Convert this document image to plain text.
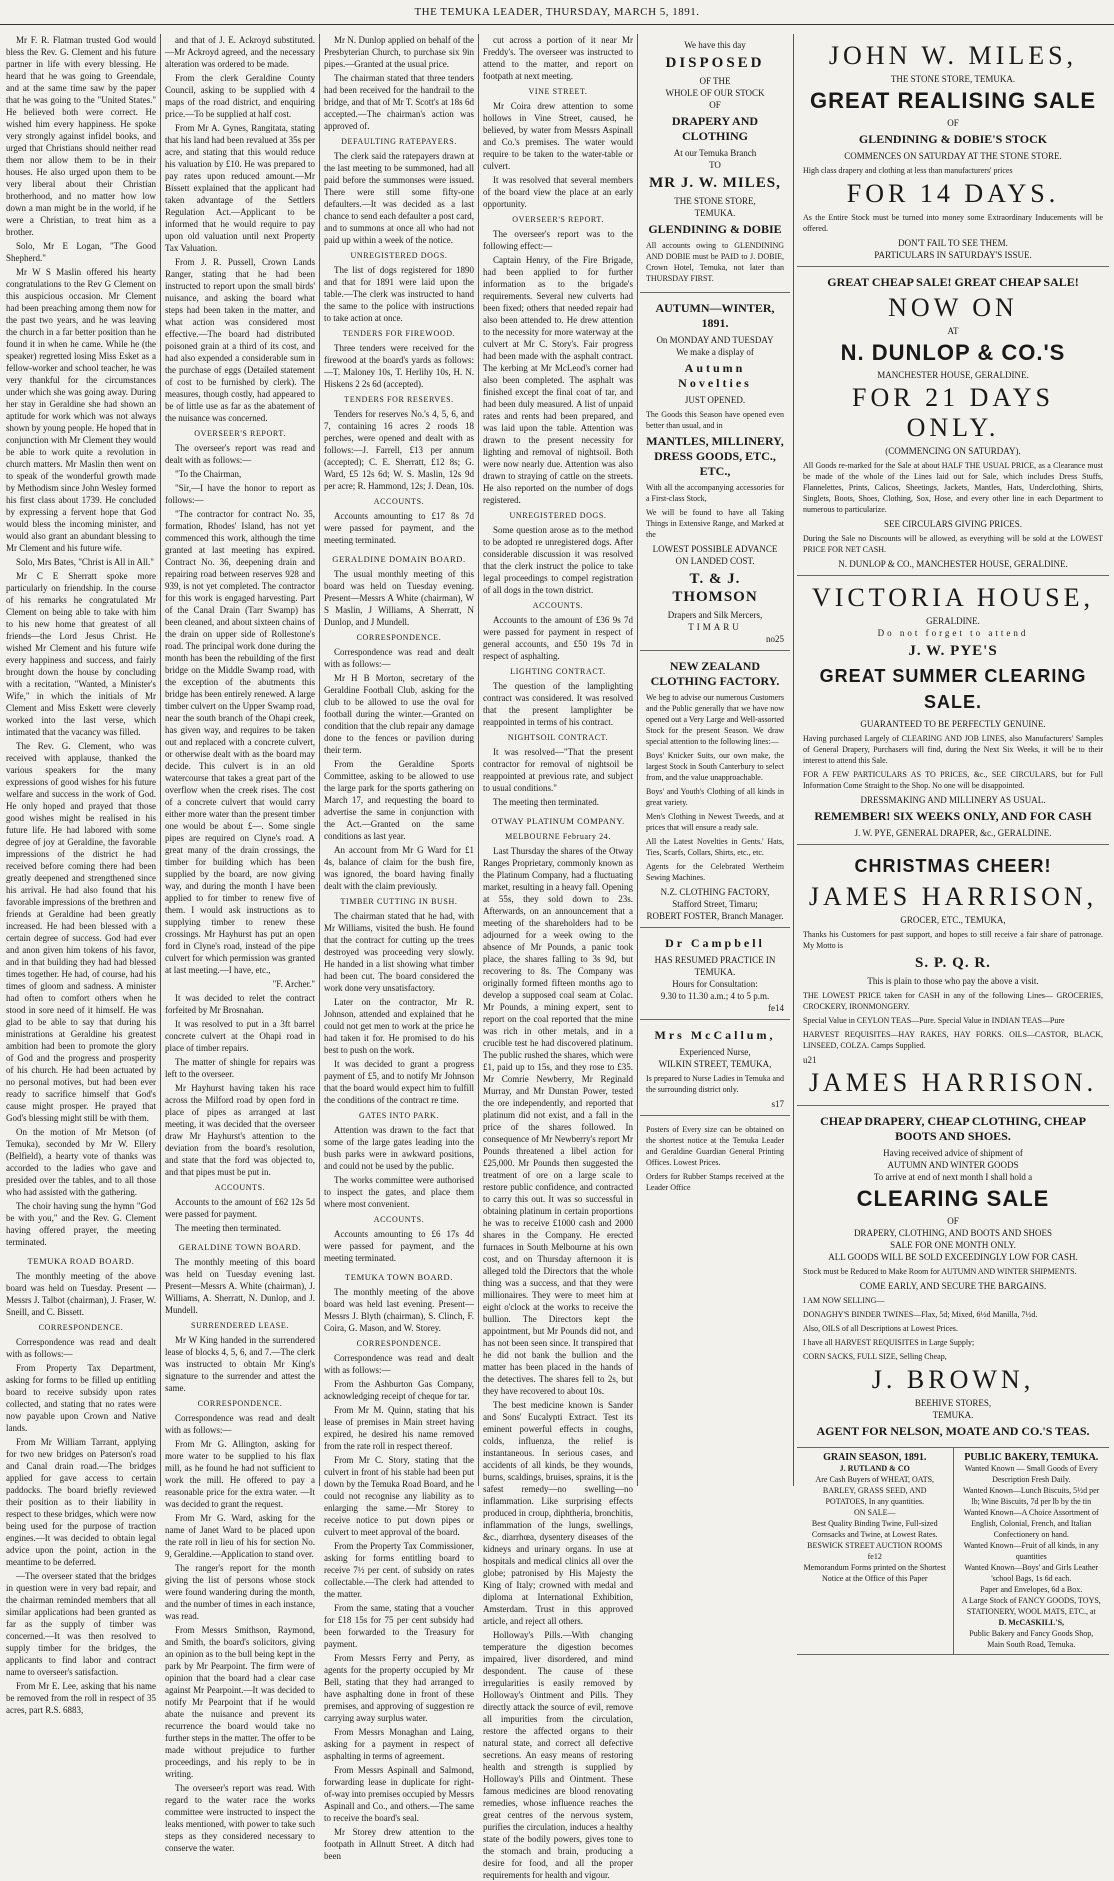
THE TEMUKA LEADER, THURSDAY, MARCH 5, 1891.

Mr F. R. Flatman trusted God would bless the Rev. G. Clement and his future partner in life with every blessing. He heard that he was going to Greendale, and at the same time saw by the paper that he was going to the "United States." He believed both were correct. He wished him every happiness. He spoke very strongly against infidel books, and urged that Christians should neither read them nor allow them to be in their houses. He also urged upon them to be very liberal about their Christian brotherhood, and no matter how low down a man might be in the world, if he were a Christian, to treat him as a brother.

Solo, Mr E Logan, "The Good Shepherd."

Mr W S Maslin offered his hearty congratulations to the Rev G Clement on this auspicious occasion. Mr Clement had been preaching among them now for the past two years, and he was leaving the church in a far better position than he found it in when he came. While he (the speaker) regretted losing Miss Esket as a fellow-worker and school teacher, he was very thankful for the circumstances under which she was going away. During her stay in Geraldine she had shown an aptitude for work which was not always shown by young people. He hoped that in conjunction with Mr Clement they would be able to work quite a revolution in church matters. Mr Maslin then went on to speak of the wonderful growth made by Methodism since John Wesley formed his first class about 1739. He concluded by expressing a fervent hope that God would bless the incoming minister, and would also grant an abundant blessing to Mr Clement and his future wife.

Solo, Mrs Bates, "Christ is All in All."

Mr C E Sherratt spoke more particularly on friendship. In the course of his remarks he congratulated Mr Clement on being able to take with him to his new home that greatest of all friends—the Lord Jesus Christ. He wished Mr Clement and his future wife every happiness and success, and fairly brought down the house by concluding with a recitation, "Wanted, a Minister's Wife," in which the initials of Mr Clement and Miss Eskett were cleverly worked into the last verse, which intimated that the vacancy was filled.

The Rev. G. Clement, who was received with applause, thanked the various speakers for the many expressions of good wishes for his future welfare and success in the work of God. He only hoped and prayed that those good wishes might be realised in his future life. He had labored with some degree of joy at Geraldine, the favorable impressions of the district he had received before coming there had been greatly deepened and strengthened since his arrival. He had also found that his favorable impressions of the brethren and friends at Geraldine had been greatly increased. He had been blessed with a certain degree of success. God had ever and anon given him tokens of his favor, and in that building they had had blessed times together. He had, of course, had his times of gloom and sadness. A minister had often to comfort others when he stood in sore need of it himself. He was glad to be able to say that during his ministrations at Geraldine his greatest ambition had been to promote the glory of God and the progress and prosperity of his church. He had been actuated by no personal motives, but had been ever ready to sacrifice himself that God's cause might prosper. He prayed that God's blessing might still be with them.

On the motion of Mr Metson (of Temuka), seconded by Mr W. Ellery (Belfield), a hearty vote of thanks was accorded to the ladies who gave and presided over the tables, and to all those who had assisted with the gathering.

The choir having sung the hymn "God be with you," and the Rev. G. Clement having offered prayer, the meeting terminated.

TEMUKA ROAD BOARD.

The monthly meeting of the above board was held on Tuesday. Present —Messrs J. Talbot (chairman), J. Fraser, W. Sneill, and C. Bissett.

CORRESPONDENCE.

Correspondence was read and dealt with as follows:—

From Property Tax Department, asking for forms to be filled up entitling board to receive subsidy upon rates collected, and stating that no rates were now payable upon Crown and Native lands.

From Mr William Tarrant, applying for two new bridges on Paterson's road and Canal drain road.—The bridges applied for gave access to certain paddocks. The board briefly reviewed their position as to their liability in respect to these bridges, which were now being used for the purpose of traction engines.—It was decided to obtain legal advice upon the point, action in the meantime to be deferred.

—The overseer stated that the bridges in question were in very bad repair, and the chairman reminded members that all similar applications had been granted as far as the supply of timber was concerned.—It was then resolved to supply timber for the bridges, the applicants to find labor and contract name to overseer's satisfaction.

From Mr E. Lee, asking that his name be removed from the roll in respect of 35 acres, part R.S. 6883,

and that of J. E. Ackroyd substituted. —Mr Ackroyd agreed, and the necessary alteration was ordered to be made.

From the clerk Geraldine County Council, asking to be supplied with 4 maps of the road district, and enquiring price.—To be supplied at half cost.

From Mr A. Gynes, Rangitata, stating that his land had been revalued at 35s per acre, and stating that this would reduce his valuation by £10. He was prepared to pay rates upon reduced amount.—Mr Bissett explained that the applicant had taken advantage of the Settlers Regulation Act.—Applicant to be informed that he would require to pay upon old valuation until next Property Tax Valuation.

From J. R. Pussell, Crown Lands Ranger, stating that he had been instructed to report upon the small birds' nuisance, and asking the board what steps had been taken in the matter, and what action was considered most effective.—The board had distributed poisoned grain at a third of its cost, and had also expended a considerable sum in the purchase of eggs (Detailed statement of cost to be furnished by clerk). The measures, though costly, had appeared to be of little use as far as the abatement of the nuisance was concerned.

OVERSEER'S REPORT.

The overseer's report was read and dealt with as follows:—

"To the Chairman,

"Sir,—I have the honor to report as follows:—

"The contractor for contract No. 35, formation, Rhodes' Island, has not yet commenced this work, although the time granted at last meeting has expired. Contract No. 36, deepening drain and repairing road between reserves 928 and 939, is not yet completed. The contractor for this work is engaged harvesting. Part of the Canal Drain (Tarr Swamp) has been cleaned, and about sixteen chains of the drain on upper side of Rollestone's road. The principal work done during the month has been the rebuilding of the first bridge on the Middle Swamp road, with the exception of the abutments this bridge has been entirely renewed. A large timber culvert on the Upper Swamp road, near the south branch of the Ohapi creek, has given way, and requires to be taken out and replaced with a concrete culvert, or otherwise dealt with as the board may decide. This culvert is in an old watercourse that takes a great part of the overflow when the creek rises. The cost of a concrete culvert that would carry either more water than the present timber one would be about £—. Some single pipes are required on Clyne's road. A great many of the drain crossings, the timber for building which has been supplied by the board, are now giving way, and during the month I have been applied to for timber to renew five of them. I would ask instructions as to supplying timber to renew these crossings. Mr Hayhurst has put an open ford in Clyne's road, instead of the pipe culvert for which permission was granted at last meeting.—I have, etc.,

"F. Archer."

It was decided to relet the contract forfeited by Mr Brosnahan.

It was resolved to put in a 3ft barrel concrete culvert at the Ohapi road in place of timber repairs.

The matter of shingle for repairs was left to the overseer.

Mr Hayhurst having taken his race across the Milford road by open ford in place of pipes as arranged at last meeting, it was decided that the overseer draw Mr Hayhurst's attention to the deviation from the board's resolution, and state that the ford was objected to, and that pipes must be put in.

ACCOUNTS.

Accounts to the amount of £62 12s 5d were passed for payment.

The meeting then terminated.

GERALDINE TOWN BOARD.

The monthly meeting of this board was held on Tuesday evening last. Present—Messrs A. White (chairman), J. Williams, A. Sherratt, N. Dunlop, and J. Mundell.

SURRENDERED LEASE.

Mr W King handed in the surrendered lease of blocks 4, 5, 6, and 7.—The clerk was instructed to obtain Mr King's signature to the surrender and attest the same.

CORRESPONDENCE.

Correspondence was read and dealt with as follows:—

From Mr G. Allington, asking for more water to be supplied to his flax mill, as he found he had not sufficient to work the mill. He offered to pay a reasonable price for the extra water. —It was decided to grant the request.

From Mr G. Ward, asking for the name of Janet Ward to be placed upon the rate roll in lieu of his for section No. 9, Geraldine.—Application to stand over.

The ranger's report for the month giving the list of persons whose stock were found wandering during the month, and the number of times in each instance, was read.

From Messrs Smithson, Raymond, and Smith, the board's solicitors, giving an opinion as to the bull being kept in the park by Mr Pearpoint. The firm were of opinion that the board had a clear case against Mr Pearpoint.—It was decided to notify Mr Pearpoint that if he would abate the nuisance and prevent its recurrence the board would take no further steps in the matter. The offer to be made without prejudice to further proceedings, and his reply to be in writing.

The overseer's report was read. With regard to the water race the works committee were instructed to inspect the leaks mentioned, with power to take such steps as they considered necessary to conserve the water.

Mr N. Dunlop applied on behalf of the Presbyterian Church, to purchase six 9in pipes.—Granted at the usual price.

The chairman stated that three tenders had been received for the handrail to the bridge, and that of Mr T. Scott's at 18s 6d accepted.—The chairman's action was approved of.

DEFAULTING RATEPAYERS.

The clerk said the ratepayers drawn at the last meeting to be summoned, had all paid before the summonses were issued. There were still some fifty-one defaulters.—It was decided as a last chance to send each defaulter a post card, and to summons at once all who had not paid up within a week of the notice.

UNREGISTERED DOGS.

The list of dogs registered for 1890 and that for 1891 were laid upon the table.—The clerk was instructed to hand the same to the police with instructions to take action at once.

TENDERS FOR FIREWOOD.

Three tenders were received for the firewood at the board's yards as follows:—T. Maloney 10s, T. Herlihy 10s, H. N. Hiskens 2 2s 6d (accepted).

TENDERS FOR RESERVES.

Tenders for reserves No.'s 4, 5, 6, and 7, containing 16 acres 2 roods 18 perches, were opened and dealt with as follows:—J. Farrell, £13 per annum (accepted); C. E. Sherratt, £12 8s; G. Ward, £5 12s 6d; W. S. Maslin, 12s 9d per acre; R. Hammond, 12s; J. Dean, 10s.

ACCOUNTS.

Accounts amounting to £17 8s 7d were passed for payment, and the meeting terminated.

GERALDINE DOMAIN BOARD.

The usual monthly meeting of this board was held on Tuesday evening. Present—Messrs A White (chairman), W S Maslin, J Williams, A Sherratt, N Dunlop, and J Mundell.

CORRESPONDENCE.

Correspondence was read and dealt with as follows:—

Mr H B Morton, secretary of the Geraldine Football Club, asking for the club to be allowed to use the oval for football during the winter.—Granted on condition that the club repair any damage done to the fences or pavilion during their term.

From the Geraldine Sports Committee, asking to be allowed to use the large park for the sports gathering on March 17, and requesting the board to advertise the same in conjunction with the Act.—Granted on the same conditions as last year.

An account from Mr G Ward for £1 4s, balance of claim for the bush fire, was ignored, the board having finally dealt with the claim previously.

TIMBER CUTTING IN BUSH.

The chairman stated that he had, with Mr Williams, visited the bush. He found that the contract for cutting up the trees destroyed was proceeding very slowly. He handed in a list showing what timber had been cut. The board considered the work done very unsatisfactory.

Later on the contractor, Mr R. Johnson, attended and explained that he could not get men to work at the price he had taken it for. He promised to do his best to push on the work.

It was decided to grant a progress payment of £5, and to notify Mr Johnson that the board would expect him to fulfill the conditions of the contract re time.

GATES INTO PARK.

Attention was drawn to the fact that some of the large gates leading into the bush parks were in awkward positions, and could not be used by the public.

The works committee were authorised to inspect the gates, and place them where most convenient.

ACCOUNTS.

Accounts amounting to £6 17s 4d were passed for payment, and the meeting terminated.

TEMUKA TOWN BOARD.

The monthly meeting of the above board was held last evening. Present—Messrs J. Blyth (chairman), S. Clinch, F. Coira, G. Mason, and W. Storey.

CORRESPONDENCE.

Correspondence was read and dealt with as follows:—

From the Ashburton Gas Company, acknowledging receipt of cheque for tar.

From Mr M. Quinn, stating that his lease of premises in Main street having expired, he desired his name removed from the rate roll in respect thereof.

From Mr C. Story, stating that the culvert in front of his stable had been put down by the Temuka Road Board, and he could not recognise any liability as to enlarging the same.—Mr Storey to receive notice to put down pipes or culvert to meet approval of the board.

From the Property Tax Commissioner, asking for forms entitling board to receive 7½ per cent. of subsidy on rates collectable.—The clerk had attended to the matter.

From the same, stating that a voucher for £18 15s for 75 per cent subsidy had been forwarded to the Treasury for payment.

From Messrs Ferry and Perry, as agents for the property occupied by Mr Bell, stating that they had arranged to have asphalting done in front of these premises, and approving of suggestion re carrying away surplus water.

From Messrs Monaghan and Laing, asking for a payment in respect of asphalting in terms of agreement.

From Messrs Aspinall and Salmond, forwarding lease in duplicate for right-of-way into premises occupied by Messrs Aspinall and Co., and others.—The same to receive the board's seal.

Mr Storey drew attention to the footpath in Allnutt Street. A ditch had been

cut across a portion of it near Mr Freddy's. The overseer was instructed to attend to the matter, and report on footpath at next meeting.

VINE STREET.

Mr Coira drew attention to some hollows in Vine Street, caused, he believed, by water from Messrs Aspinall and Co.'s premises. The water would require to be taken to the water-table or culvert.

It was resolved that several members of the board view the place at an early opportunity.

OVERSEER'S REPORT.

The overseer's report was to the following effect:—

Captain Henry, of the Fire Brigade, had been applied to for further information as to the brigade's requirements. Several new culverts had been fixed; others that needed repair had also been attended to. He drew attention to the necessity for more waterway at the culvert at Mr C. Story's. Fair progress had been made with the asphalt contract. The kerbing at Mr McLeod's corner had also been completed. The asphalt was finished except the final coat of tar, and had been duly measured. A list of unpaid rates and rents had been prepared, and was laid upon the table. Attention was drawn to the present necessity for lighting and removal of nightsoil. Both were now nearly due. Attention was also drawn to straying of cattle on the streets. He also reported on the number of dogs registered.

UNREGISTERED DOGS.

Some question arose as to the method to be adopted re unregistered dogs. After considerable discussion it was resolved that the clerk instruct the police to take legal proceedings to compel registration of all dogs in the town district.

ACCOUNTS.

Accounts to the amount of £36 9s 7d were passed for payment in respect of general accounts, and £50 19s 7d in respect of asphalting.

LIGHTING CONTRACT.

The question of the lamplighting contract was considered. It was resolved that the present lamplighter be reappointed in terms of his contract.

NIGHTSOIL CONTRACT.

It was resolved—"That the present contractor for removal of nightsoil be reappointed at previous rate, and subject to usual conditions."

The meeting then terminated.

OTWAY PLATINUM COMPANY.
MELBOURNE February 24.

Last Thursday the shares of the Otway Ranges Proprietary, commonly known as the Platinum Company, had a fluctuating market, resulting in a heavy fall. Opening at 55s, they sold down to 23s. Afterwards, on an announcement that a meeting of the shareholders had to be adjourned for a week owing to the absence of Mr Pounds, a panic took place, the shares falling to 3s 9d, but recovering to 8s. The Company was originally formed fifteen months ago to develop a supposed coal seam at Colac. Mr Pounds, a mining expert, sent to report on the coal reported that the mine was rich in other metals, and in a crucible test he had discovered platinum. The public rushed the shares, which were £1, paid up to 15s, and they rose to £35. Mr Comrie Newberry, Mr Reginald Murray, and Mr Dunstan Power, tested the ore independently, and reported that platinum did not exist, and a fall in the price of the shares followed. In consequence of Mr Newberry's report Mr Pounds threatened a libel action for £25,000. Mr Pounds then suggested the treatment of ore on a large scale to restore public confidence, and contracted to carry this out. It was so successful in obtaining platinum in certain proportions he was to receive £1000 cash and 2000 shares in the Company. He erected furnaces in South Melbourne at his own cost, and on Thursday afternoon it is alleged told the Directors that the whole thing was a success, and that they were millionaires. They were to meet him at eight o'clock at the works to receive the bullion. The Directors kept the appointment, but Mr Pounds did not, and has not been seen since. It transpired that he did not bank the bullion and the matter has been placed in the hands of the detectives. The shares fell to 2s, but they have recovered to about 10s.

The best medicine known is Sander and Sons' Eucalypti Extract. Test its eminent powerful effects in coughs, colds, influenza, the relief is instantaneous. In serious cases, and accidents of all kinds, be they wounds, burns, scaldings, bruises, sprains, it is the safest remedy—no swelling—no inflammation. Like surprising effects produced in croup, diphtheria, bronchitis, inflammation of the lungs, swellings, &c., diarrhœa, dysentery diseases of the kidneys and urinary organs. In use at hospitals and medical clinics all over the globe; patronised by His Majesty the King of Italy; crowned with medal and diploma at International Exhibition, Amsterdam. Trust in this approved article, and reject all others.

Holloway's Pills.—With changing temperature the digestion becomes impaired, liver disordered, and mind despondent. The cause of these irregularities is easily removed by Holloway's Ointment and Pills. They directly attack the source of evil, remove all impurities from the circulation, restore the affected organs to their natural state, and correct all defective secretions. An easy means of restoring health and strength is supplied by Holloway's Pills and Ointment. These famous medicines are blood renovating remedies, whose influence reaches the great centres of the nervous system, purifies the circulation, induces a healthy state of the bodily powers, gives tone to the stomach and brain, producing a desire for food, and all the proper requirements for health and vigour.

We have this day
DISPOSED
OF THE
WHOLE OF OUR STOCK
OF
DRAPERY AND CLOTHING
At our Temuka Branch
TO
MR J. W. MILES,
THE STONE STORE,
TEMUKA.
GLENDINING & DOBIE
All accounts owing to GLENDINING AND DOBIE must be PAID to J. DOBIE, Crown Hotel, Temuka, not later than THURSDAY FIRST.
AUTUMN—WINTER, 1891.
On MONDAY AND TUESDAY
We make a display of
Autumn Novelties
JUST OPENED.
The Goods this Season have opened even better than usual, and in
MANTLES, MILLINERY, DRESS GOODS, ETC., ETC.,
With all the accompanying accessories for a First-class Stock,
We will be found to have all Taking Things in Extensive Range, and Marked at the
LOWEST POSSIBLE ADVANCE ON LANDED COST.
T. & J. THOMSON
Drapers and Silk Mercers,
TIMARU
no25
NEW ZEALAND CLOTHING FACTORY.
We beg to advise our numerous Customers and the Public generally that we have now opened out a Very Large and Well-assorted Stock for the present Season. We draw special attention to the following lines:—
Boys' Knicker Suits, our own make, the largest Stock in South Canterbury to select from, and the value unapproachable.
Boys' and Youth's Clothing of all kinds in great variety.
Men's Clothing in Newest Tweeds, and at prices that will ensure a ready sale.
All the Latest Novelties in Gents.' Hats, Ties, Scarfs, Collars, Shirts, etc., etc.
Agents for the Celebrated Wertheim Sewing Machines.
N.Z. CLOTHING FACTORY,
Stafford Street, Timaru;
ROBERT FOSTER, Branch Manager.
Dr Campbell
HAS RESUMED PRACTICE IN TEMUKA.
Hours for Consultation:
9.30 to 11.30 a.m.; 4 to 5 p.m.
fe14
Mrs McCallum,
Experienced Nurse,
WILKIN STREET, TEMUKA,
Is prepared to Nurse Ladies in Temuka and the surrounding district only.
s17
Posters of Every size can be obtained on the shortest notice at the Temuka Leader and Geraldine Guardian General Printing Offices. Lowest Prices.
Orders for Rubber Stamps received at the Leader Office
JOHN W. MILES,
THE STONE STORE, TEMUKA.
GREAT REALISING SALE
OF
GLENDINING & DOBIE'S STOCK
COMMENCES ON SATURDAY AT THE STONE STORE.
High class drapery and clothing at less than manufacturers' prices
FOR 14 DAYS.
As the Entire Stock must be turned into money some Extraordinary Inducements will be offered.
DON'T FAIL TO SEE THEM.
PARTICULARS IN SATURDAY'S ISSUE.
GREAT CHEAP SALE! GREAT CHEAP SALE!
NOW ON
AT
N. DUNLOP & CO.'S
MANCHESTER HOUSE, GERALDINE.
FOR 21 DAYS ONLY.
(COMMENCING ON SATURDAY).
All Goods re-marked for the Sale at about HALF THE USUAL PRICE, as a Clearance must be made of the whole of the Lines laid out for Sale, which includes Dress Stuffs, Flannelettes, Prints, Calicos, Sheetings, Jackets, Mantles, Hats, Underclothing, Shirts, Singlets, Boots, Shoes, Clothing, Sox, Hose, and every other line in each Department to numerous to particularize.
SEE CIRCULARS GIVING PRICES.
During the Sale no Discounts will be allowed, as everything will be sold at the LOWEST PRICE FOR NET CASH.
N. DUNLOP & CO., MANCHESTER HOUSE, GERALDINE.
VICTORIA HOUSE,
GERALDINE.
Do not forget to attend
J. W. PYE'S
GREAT SUMMER CLEARING SALE.
GUARANTEED TO BE PERFECTLY GENUINE.
Having purchased Largely of CLEARING AND JOB LINES, also Manufacturers' Samples of General Drapery, Purchasers will find, during the Next Six Weeks, it will be to their interest to attend this Sale.
FOR A FEW PARTICULARS AS TO PRICES, &c., SEE CIRCULARS, but for Full Information Come Straight to the Shop. No one will be disappointed.
DRESSMAKING AND MILLINERY AS USUAL.
REMEMBER! SIX WEEKS ONLY, AND FOR CASH
J. W. PYE, GENERAL DRAPER, &c., GERALDINE.
CHRISTMAS CHEER!
JAMES HARRISON,
GROCER, ETC., TEMUKA,
Thanks his Customers for past support, and hopes to still receive a fair share of patronage. My Motto is
S. P. Q. R.
This is plain to those who pay the above a visit.
THE LOWEST PRICE taken for CASH in any of the following Lines— GROCERIES, CROCKERY, IRONMONGERY.
Special Value in CEYLON TEAS—Pure. Special Value in INDIAN TEAS—Pure
HARVEST REQUISITES—HAY RAKES, HAY FORKS. OILS—CASTOR, BLACK, LINSEED, COLZA. Camps Supplied.
u21
JAMES HARRISON.
CHEAP DRAPERY, CHEAP CLOTHING, CHEAP BOOTS AND SHOES.
Having received advice of shipment of
AUTUMN AND WINTER GOODS
To arrive at end of next month I shall hold a
CLEARING SALE
OF
DRAPERY, CLOTHING, AND BOOTS AND SHOES
SALE FOR ONE MONTH ONLY.
ALL GOODS WILL BE SOLD EXCEEDINGLY LOW FOR CASH.
Stock must be Reduced to Make Room for AUTUMN AND WINTER SHIPMENTS.
COME EARLY, AND SECURE THE BARGAINS.
I AM NOW SELLING—
DONAGHY'S BINDER TWINES—Flax, 5d; Mixed, 6½d Manilla, 7½d.
Also, OILS of all Descriptions at Lowest Prices.
I have all HARVEST REQUISITES in Large Supply;
CORN SACKS, FULL SIZE, Selling Cheap,
J. BROWN,
BEEHIVE STORES,
TEMUKA.
AGENT FOR NELSON, MOATE AND CO.'S TEAS.
GRAIN SEASON, 1891.
J. RUTLAND & CO
Are Cash Buyers of WHEAT, OATS, BARLEY, GRASS SEED, AND POTATOES, In any quantities.
ON SALE—
Best Quality Binding Twine, Full-sized Cornsacks and Twine, at Lowest Rates.
BESWICK STREET AUCTION ROOMS
fe12
Memorandum Forms printed on the Shortest Notice at the Office of this Paper
PUBLIC BAKERY, TEMUKA.
Wanted Known — Small Goods of Every Description Fresh Daily.
Wanted Known—Lunch Biscuits, 5½d per lb; Wine Biscuits, 7d per lb by the tin
Wanted Known—A Choice Assortment of English, Colonial, French, and Italian Confectionery on hand.
Wanted Known—Fruit of all kinds, in any quantities
Wanted Known—Boys' and Girls Leather 'school Bags, 1s 6d each.
Paper and Envelopes, 6d a Box.
A Large Stock of FANCY GOODS, TOYS, STATIONERY, WOOL MATS, ETC., at
D. McCASKILL'S,
Public Bakery and Fancy Goods Shop,
Main South Road, Temuka.
